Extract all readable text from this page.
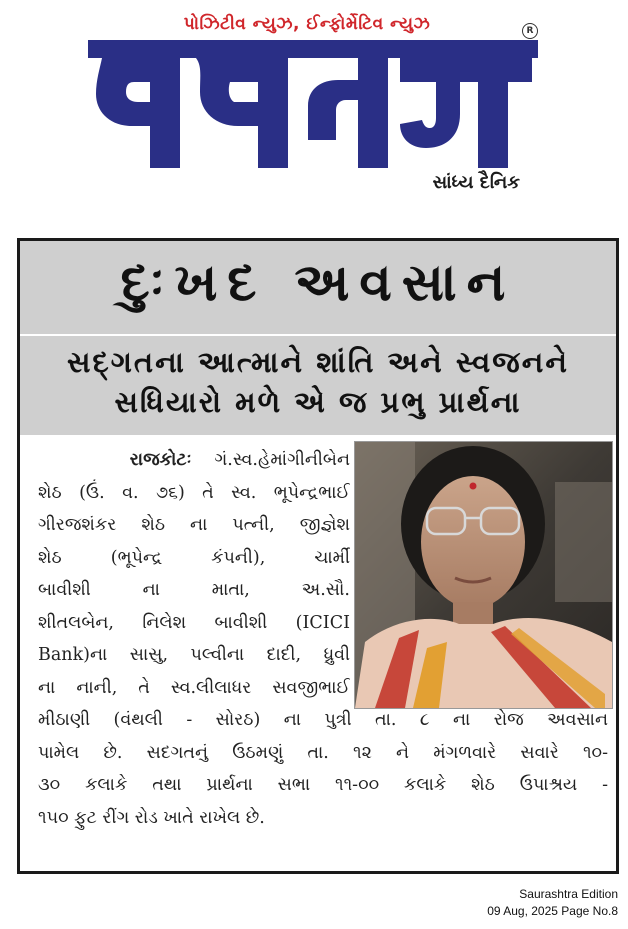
પોઝિટીવ ન્યુઝ, ઈન્ફોર્મેટિવ ન્યુઝ	R
સાંધ્ય દૈનિક
દુઃખદ અવસાન
સદ્‌ગતના આત્માને શાંતિ અને સ્વજનને
સધિયારો મળે એ જ પ્રભુ પ્રાર્થના
રાજકોટઃ ગં.સ્વ.હેમાંગીનીબેન
શેઠ (ઉં. વ. ૭૬) તે સ્વ. ભૂપેન્દ્રભાઈ
ગીરજશંકર શેઠ ના પત્ની, જીજ્ઞેશ
શેઠ (ભૂપેન્દ્ર કંપની), ચાર્મી
બાવીશી ના માતા, અ.સૌ.
શીતલબેન, નિલેશ બાવીશી (ICICI
Bank)ના સાસુ, પલ્વીના દાદી, ધ્રુવી
ના નાની, તે સ્વ.લીલાધર સવજીભાઈ
મીઠાણી (વંથલી - સોરઠ) ના પુત્રી તા. ૮ ના રોજ અવસાન
પામેલ છે. સદગતનું ઉઠમણું તા. ૧૨ ને મંગળવારે સવારે ૧૦-
૩૦ કલાકે તથા પ્રાર્થના સભા ૧૧-૦૦ કલાકે શેઠ ઉપાશ્રય -
૧૫૦ ફુટ રીંગ રોડ ખાતે રાખેલ છે.
Saurashtra Edition
09 Aug, 2025 Page No.8
